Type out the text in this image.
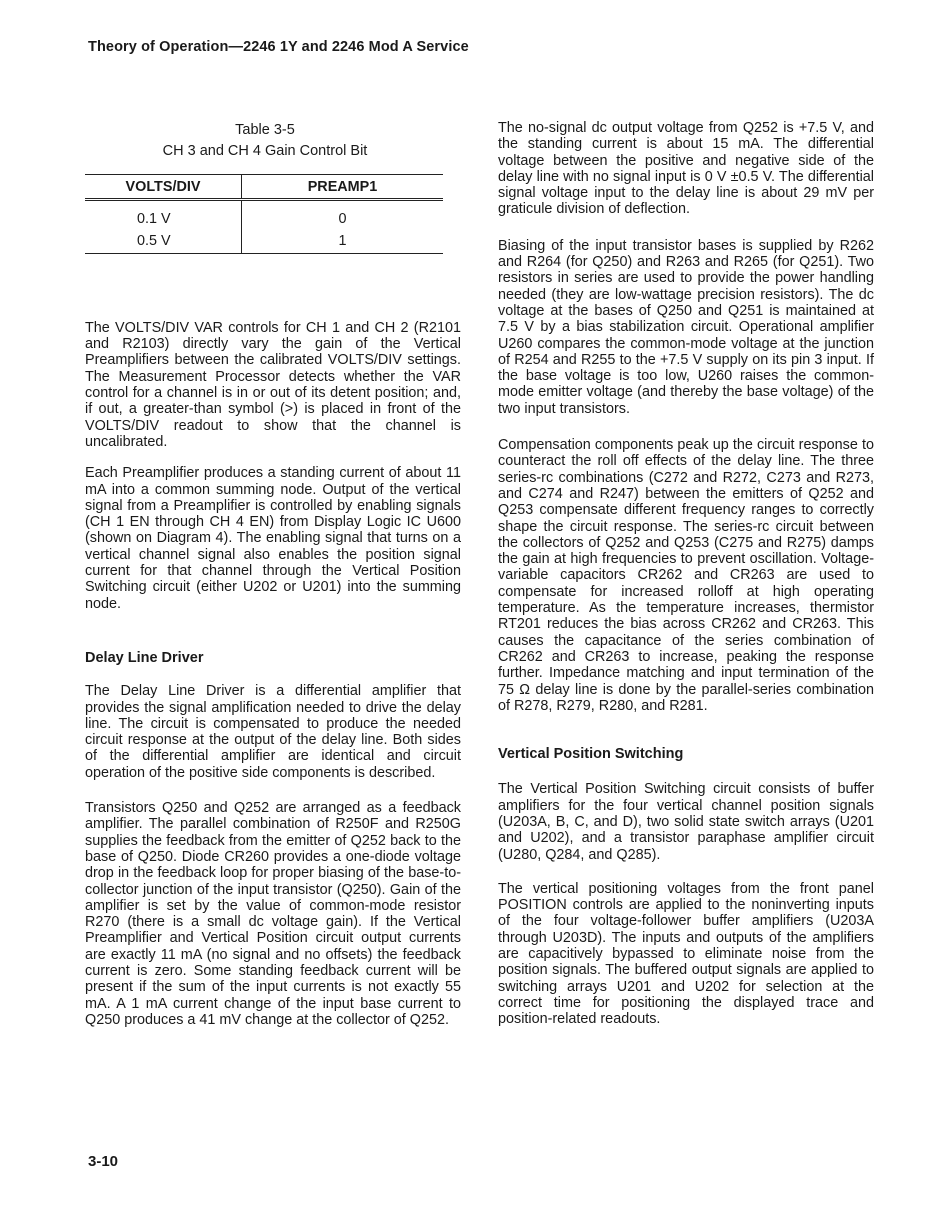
Theory of Operation—2246 1Y and 2246 Mod A Service
Table 3-5
CH 3 and CH 4 Gain Control Bit
VOLTS/DIV	PREAMP1
0.1 V	0
0.5 V	1

The VOLTS/DIV VAR controls for CH 1 and CH 2 (R2101 and R2103) directly vary the gain of the Vertical Preamplifiers between the calibrated VOLTS/DIV settings. The Measurement Processor detects whether the VAR control for a channel is in or out of its detent position; and, if out, a greater-than symbol (>) is placed in front of the VOLTS/DIV readout to show that the channel is uncalibrated.

Each Preamplifier produces a standing current of about 11 mA into a common summing node. Output of the vertical signal from a Preamplifier is controlled by enabling signals (CH 1 EN through CH 4 EN) from Display Logic IC U600 (shown on Diagram 4). The enabling signal that turns on a vertical channel signal also enables the position signal current for that channel through the Vertical Position Switching circuit (either U202 or U201) into the summing node.

Delay Line Driver

The Delay Line Driver is a differential amplifier that provides the signal amplification needed to drive the delay line. The circuit is compensated to produce the needed circuit response at the output of the delay line. Both sides of the differential amplifier are identical and circuit operation of the positive side components is described.

Transistors Q250 and Q252 are arranged as a feedback amplifier. The parallel combination of R250F and R250G supplies the feedback from the emitter of Q252 back to the base of Q250. Diode CR260 provides a one-diode voltage drop in the feedback loop for proper biasing of the base-to-collector junction of the input transistor (Q250). Gain of the amplifier is set by the value of common-mode resistor R270 (there is a small dc voltage gain). If the Vertical Preamplifier and Vertical Position circuit output currents are exactly 11 mA (no signal and no offsets) the feedback current is zero. Some standing feedback current will be present if the sum of the input currents is not exactly 55 mA. A 1 mA current change of the input base current to Q250 produces a 41 mV change at the collector of Q252.

The no-signal dc output voltage from Q252 is +7.5 V, and the standing current is about 15 mA. The differential voltage between the positive and negative side of the delay line with no signal input is 0 V ±0.5 V. The differential signal voltage input to the delay line is about 29 mV per graticule division of deflection.

Biasing of the input transistor bases is supplied by R262 and R264 (for Q250) and R263 and R265 (for Q251). Two resistors in series are used to provide the power handling needed (they are low-wattage precision resistors). The dc voltage at the bases of Q250 and Q251 is maintained at 7.5 V by a bias stabilization circuit. Operational amplifier U260 compares the common-mode voltage at the junction of R254 and R255 to the +7.5 V supply on its pin 3 input. If the base voltage is too low, U260 raises the common-mode emitter voltage (and thereby the base voltage) of the two input transistors.

Compensation components peak up the circuit response to counteract the roll off effects of the delay line. The three series-rc combinations (C272 and R272, C273 and R273, and C274 and R247) between the emitters of Q252 and Q253 compensate different frequency ranges to correctly shape the circuit response. The series-rc circuit between the collectors of Q252 and Q253 (C275 and R275) damps the gain at high frequencies to prevent oscillation. Voltage-variable capacitors CR262 and CR263 are used to compensate for increased rolloff at high operating temperature. As the temperature increases, thermistor RT201 reduces the bias across CR262 and CR263. This causes the capacitance of the series combination of CR262 and CR263 to increase, peaking the response further. Impedance matching and input termination of the 75 Ω delay line is done by the parallel-series combination of R278, R279, R280, and R281.

Vertical Position Switching

The Vertical Position Switching circuit consists of buffer amplifiers for the four vertical channel position signals (U203A, B, C, and D), two solid state switch arrays (U201 and U202), and a transistor paraphase amplifier circuit (U280, Q284, and Q285).

The vertical positioning voltages from the front panel POSITION controls are applied to the noninverting inputs of the four voltage-follower buffer amplifiers (U203A through U203D). The inputs and outputs of the amplifiers are capacitively bypassed to eliminate noise from the position signals. The buffered output signals are applied to switching arrays U201 and U202 for selection at the correct time for positioning the displayed trace and position-related readouts.

3-10
